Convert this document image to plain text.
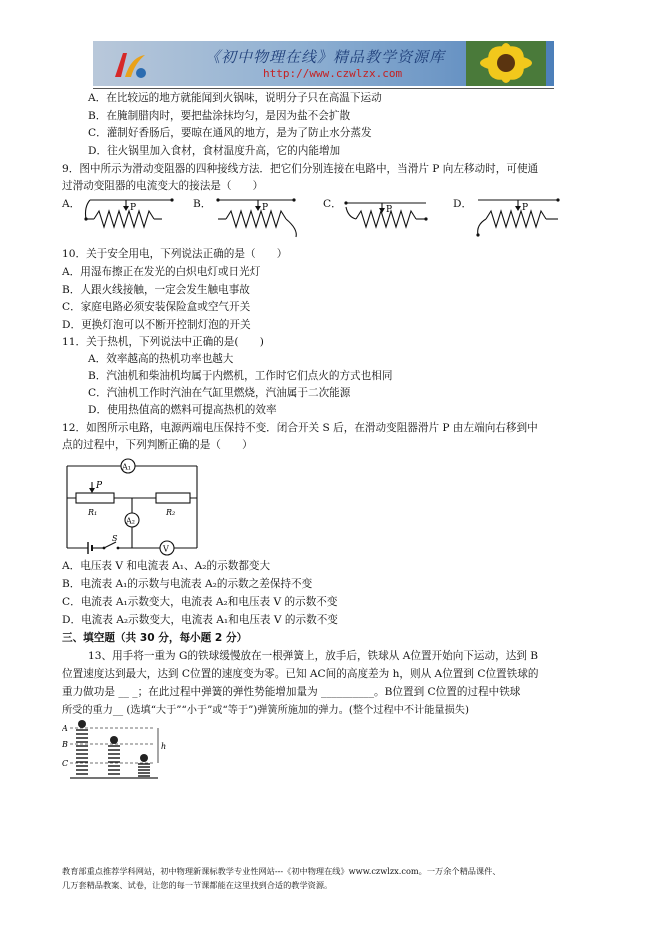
《初中物理在线》精品教学资源库
http://www.czwlzx.com
A．在比较远的地方就能闻到火锅味，说明分子只在高温下运动
B．在腌制腊肉时，要把盐涂抹均匀，是因为盐不会扩散
C．灌制好香肠后，要晾在通风的地方，是为了防止水分蒸发
D．往火锅里加入食材，食材温度升高，它的内能增加
9．图中所示为滑动变阻器的四种接线方法．把它们分别连接在电路中，当滑片 P 向左移动时，可使通
过滑动变阻器的电流变大的接法是（　　）
A．	B．	C．	D．
P	P	P	P
10．关于安全用电，下列说法正确的是（　　）
A．用湿布擦正在发光的白炽电灯或日光灯
B．人跟火线接触，一定会发生触电事故
C．家庭电路必须安装保险盒或空气开关
D．更换灯泡可以不断开控制灯泡的开关
11．关于热机，下列说法中正确的是(　　)
A．效率越高的热机功率也越大
B．汽油机和柴油机均属于内燃机，工作时它们点火的方式也相同
C．汽油机工作时汽油在气缸里燃烧，汽油属于二次能源
D．使用热值高的燃料可提高热机的效率
12．如图所示电路，电源两端电压保持不变．闭合开关 S 后，在滑动变阻器滑片 P 由左端向右移到中
点的过程中，下列判断正确的是（　　）
A₁
P
R₁	R₂
A₂
S
V
A．电压表 V 和电流表 A₁、A₂的示数都变大
B．电流表 A₁的示数与电流表 A₂的示数之差保持不变
C．电流表 A₁示数变大，电流表 A₂和电压表 V 的示数不变
D．电流表 A₂示数变大，电流表 A₁和电压表 V 的示数不变
三、填空题（共 30 分，每小题 2 分）
13、用手将一重为 G的铁球缓慢放在一根弹簧上，放手后，铁球从 A位置开始向下运动，达到 B
位置速度达到最大，达到 C位置的速度变为零。已知 AC间的高度差为 h，则从 A位置到 C位置铁球的
重力做功是 __ _；在此过程中弹簧的弹性势能增加量为 __________。B位置到 C位置的过程中铁球
所受的重力__ (选填“大于”“小于”或“等于”)弹簧所施加的弹力。(整个过程中不计能量损失)
A
B
C
h
教育部重点推荐学科网站，初中物理新课标教学专业性网站---《初中物理在线》www.czwlzx.com。一万余个精品课件、
几万套精品教案、试卷，让您的每一节课都能在这里找到合适的教学资源。
